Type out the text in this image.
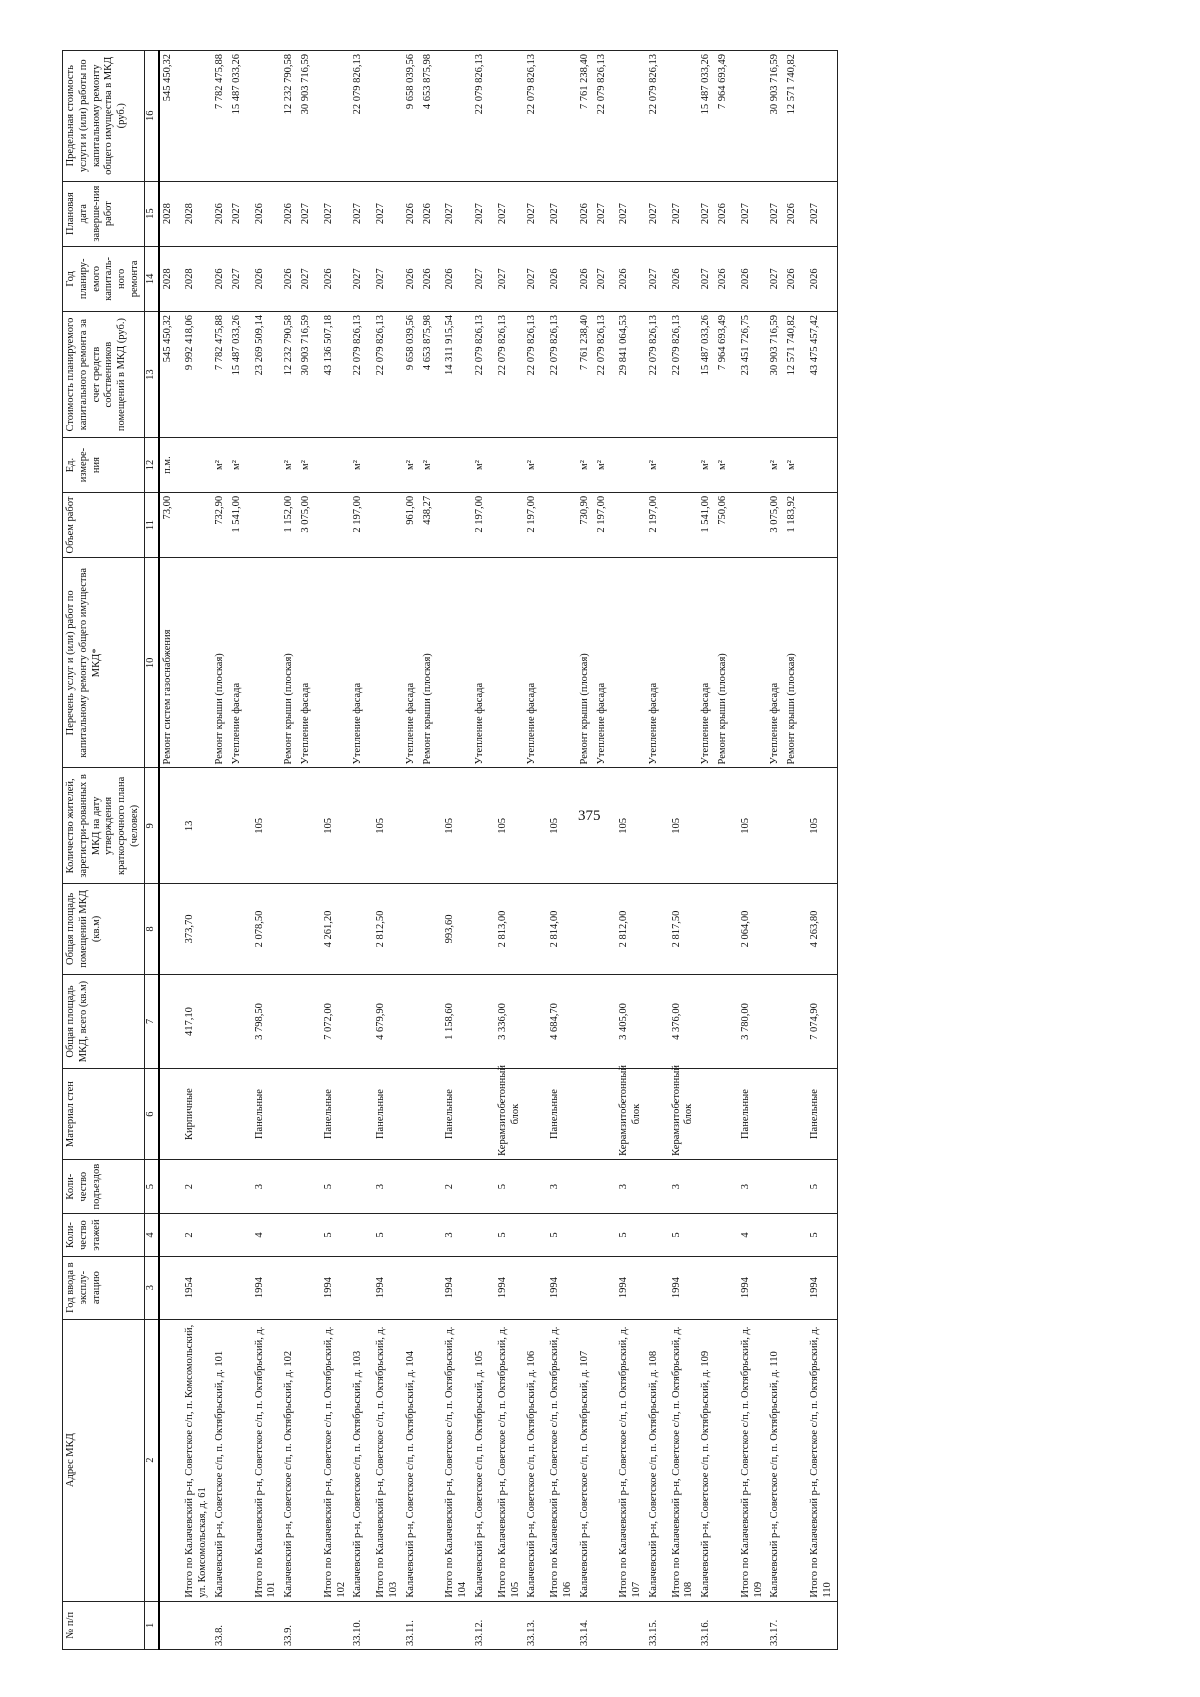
375
№ п/п	Адрес МКД	Год ввода в эксплу-атацию	Коли-чество этажей	Коли-чество подъездов	Материал стен	Общая площадь МКД, всего (кв.м)	Общая площадь помещений МКД (кв.м)	Количество жителей, зарегистри-рованных в МКД на дату утверждения краткосрочного плана (человек)	Перечень услуг и (или) работ по капитальному ремонту общего имущества МКД*	Объем работ	Ед. измере-ния	Стоимость планируемого капитального ремонта за счет средств собственников помещений в МКД (руб.)	Год планиру-емого капиталь-ного ремонта	Плановая дата заверше-ния работ	Предельная стоимость услуги и (или) работы по капитальному ремонту общего имущества в МКД (руб.)
1	2	3	4	5	6	7	8	9	10	11	12	13	14	15	16
									Ремонт систем газоснабжения	73,00	п.м.	545 450,32	2028	2028	545 450,32
	Итого по Калачевский р-н, Советское с/п, п. Комсомольский, ул. Комсомольская, д. 61	1954	2	2	Кирпичные	417,10	373,70	13				9 992 418,06	2028	2028	
33.8.	Калачевский р-н, Советское с/п, п. Октябрьский, д. 101								Ремонт крыши (плоская)	732,90	м²	7 782 475,88	2026	2026	7 782 475,88
									Утепление фасада	1 541,00	м²	15 487 033,26	2027	2027	15 487 033,26
	Итого по Калачевский р-н, Советское с/п, п. Октябрьский, д. 101	1994	4	3	Панельные	3 798,50	2 078,50	105				23 269 509,14	2026	2026	
33.9.	Калачевский р-н, Советское с/п, п. Октябрьский, д. 102								Ремонт крыши (плоская)	1 152,00	м²	12 232 790,58	2026	2026	12 232 790,58
									Утепление фасада	3 075,00	м²	30 903 716,59	2027	2027	30 903 716,59
	Итого по Калачевский р-н, Советское с/п, п. Октябрьский, д. 102	1994	5	5	Панельные	7 072,00	4 261,20	105				43 136 507,18	2026	2027	
33.10.	Калачевский р-н, Советское с/п, п. Октябрьский, д. 103								Утепление фасада	2 197,00	м²	22 079 826,13	2027	2027	22 079 826,13
	Итого по Калачевский р-н, Советское с/п, п. Октябрьский, д. 103	1994	5	3	Панельные	4 679,90	2 812,50	105				22 079 826,13	2027	2027	
33.11.	Калачевский р-н, Советское с/п, п. Октябрьский, д. 104								Утепление фасада	961,00	м²	9 658 039,56	2026	2026	9 658 039,56
									Ремонт крыши (плоская)	438,27	м²	4 653 875,98	2026	2026	4 653 875,98
	Итого по Калачевский р-н, Советское с/п, п. Октябрьский, д. 104	1994	3	2	Панельные	1 158,60	993,60	105				14 311 915,54	2026	2027	
33.12.	Калачевский р-н, Советское с/п, п. Октябрьский, д. 105								Утепление фасада	2 197,00	м²	22 079 826,13	2027	2027	22 079 826,13
	Итого по Калачевский р-н, Советское с/п, п. Октябрьский, д. 105	1994	5	5	Керамзитобетонный блок	3 336,00	2 813,00	105				22 079 826,13	2027	2027	
33.13.	Калачевский р-н, Советское с/п, п. Октябрьский, д. 106								Утепление фасада	2 197,00	м²	22 079 826,13	2027	2027	22 079 826,13
	Итого по Калачевский р-н, Советское с/п, п. Октябрьский, д. 106	1994	5	3	Панельные	4 684,70	2 814,00	105				22 079 826,13	2026	2027	
33.14.	Калачевский р-н, Советское с/п, п. Октябрьский, д. 107								Ремонт крыши (плоская)	730,90	м²	7 761 238,40	2026	2026	7 761 238,40
									Утепление фасада	2 197,00	м²	22 079 826,13	2027	2027	22 079 826,13
	Итого по Калачевский р-н, Советское с/п, п. Октябрьский, д. 107	1994	5	3	Керамзитобетонный блок	3 405,00	2 812,00	105				29 841 064,53	2026	2027	
33.15.	Калачевский р-н, Советское с/п, п. Октябрьский, д. 108								Утепление фасада	2 197,00	м²	22 079 826,13	2027	2027	22 079 826,13
	Итого по Калачевский р-н, Советское с/п, п. Октябрьский, д. 108	1994	5	3	Керамзитобетонный блок	4 376,00	2 817,50	105				22 079 826,13	2026	2027	
33.16.	Калачевский р-н, Советское с/п, п. Октябрьский, д. 109								Утепление фасада	1 541,00	м²	15 487 033,26	2027	2027	15 487 033,26
									Ремонт крыши (плоская)	750,06	м²	7 964 693,49	2026	2026	7 964 693,49
	Итого по Калачевский р-н, Советское с/п, п. Октябрьский, д. 109	1994	4	3	Панельные	3 780,00	2 064,00	105				23 451 726,75	2026	2027	
33.17.	Калачевский р-н, Советское с/п, п. Октябрьский, д. 110								Утепление фасада	3 075,00	м²	30 903 716,59	2027	2027	30 903 716,59
									Ремонт крыши (плоская)	1 183,92	м²	12 571 740,82	2026	2026	12 571 740,82
	Итого по Калачевский р-н, Советское с/п, п. Октябрьский, д. 110	1994	5	5	Панельные	7 074,90	4 263,80	105				43 475 457,42	2026	2027	
